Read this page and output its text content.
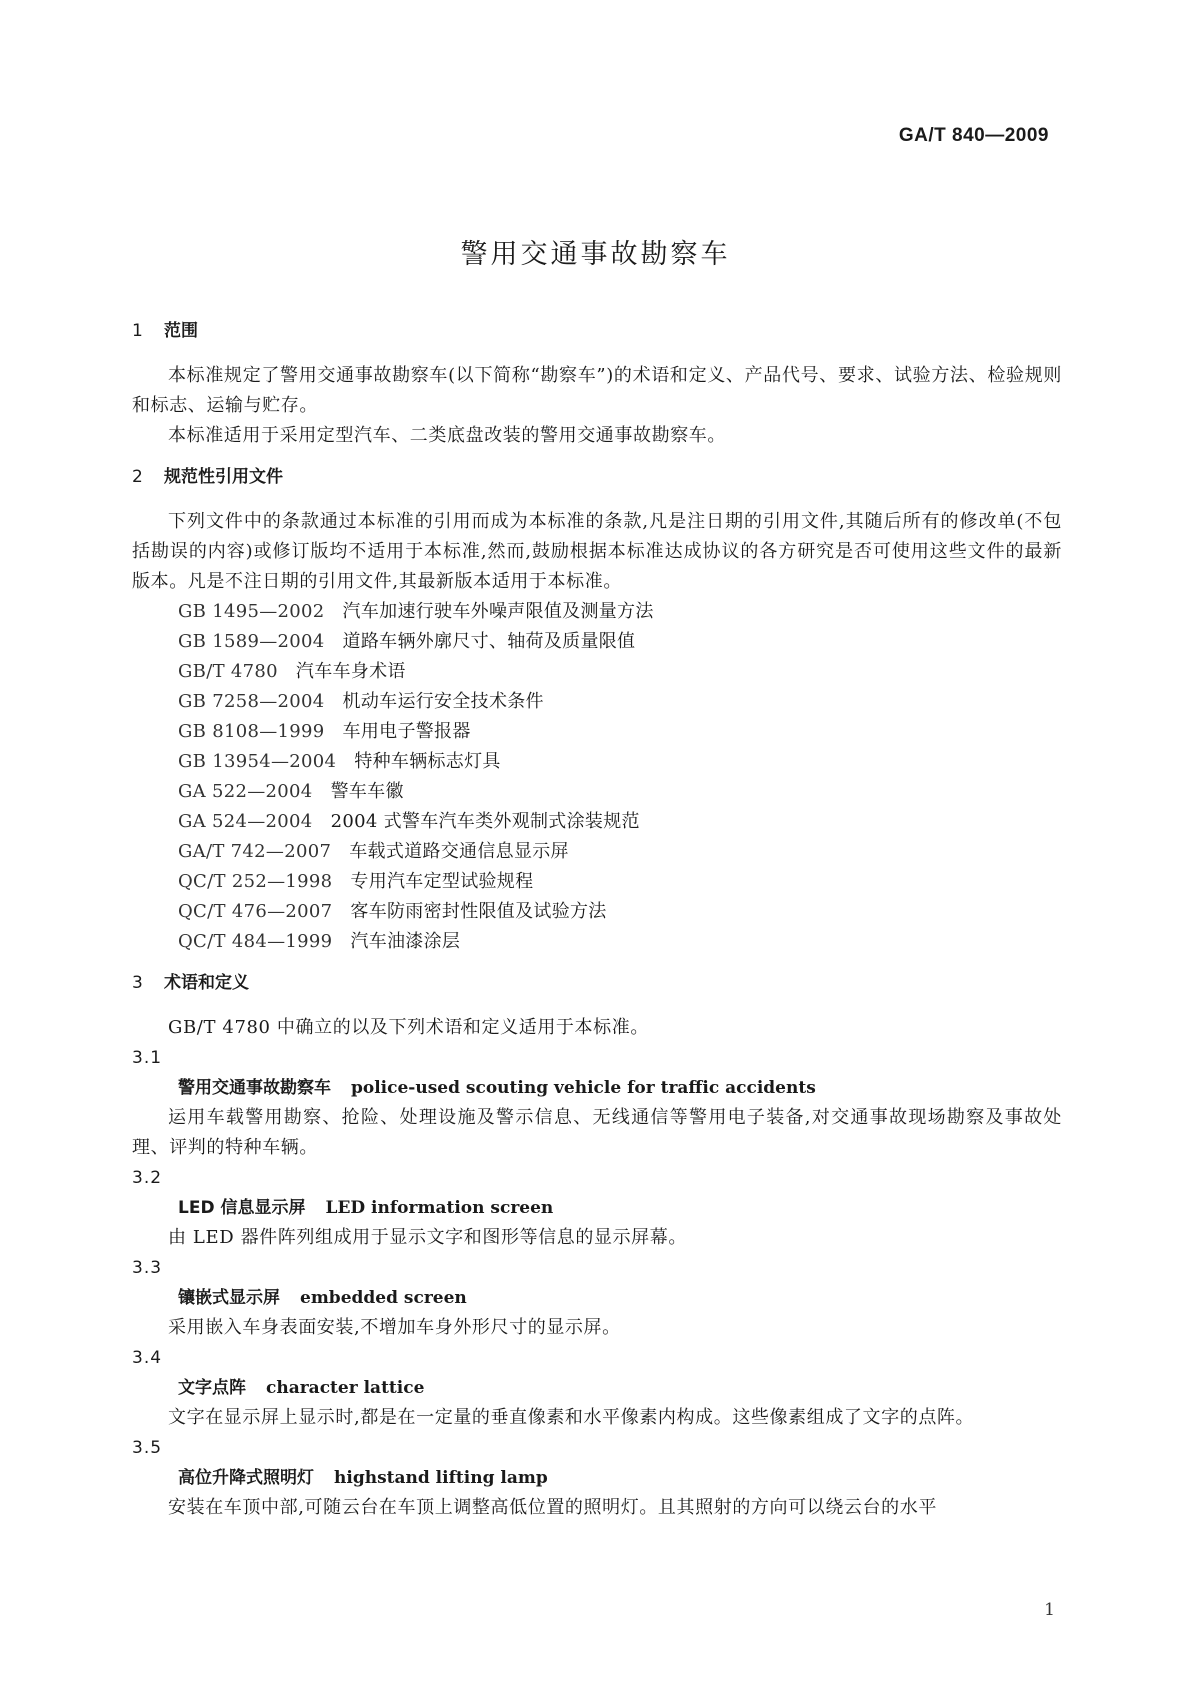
GA/T 840—2009
警用交通事故勘察车
1 范围

本标准规定了警用交通事故勘察车(以下简称“勘察车”)的术语和定义、产品代号、要求、试验方法、检验规则和标志、运输与贮存。

本标准适用于采用定型汽车、二类底盘改装的警用交通事故勘察车。

2 规范性引用文件

下列文件中的条款通过本标准的引用而成为本标准的条款,凡是注日期的引用文件,其随后所有的修改单(不包括勘误的内容)或修订版均不适用于本标准,然而,鼓励根据本标准达成协议的各方研究是否可使用这些文件的最新版本。凡是不注日期的引用文件,其最新版本适用于本标准。

GB 1495—2002 汽车加速行驶车外噪声限值及测量方法

GB 1589—2004 道路车辆外廓尺寸、轴荷及质量限值

GB/T 4780 汽车车身术语

GB 7258—2004 机动车运行安全技术条件

GB 8108—1999 车用电子警报器

GB 13954—2004 特种车辆标志灯具

GA 522—2004 警车车徽

GA 524—2004 2004 式警车汽车类外观制式涂装规范

GA/T 742—2007 车载式道路交通信息显示屏

QC/T 252—1998 专用汽车定型试验规程

QC/T 476—2007 客车防雨密封性限值及试验方法

QC/T 484—1999 汽车油漆涂层

3 术语和定义

GB/T 4780 中确立的以及下列术语和定义适用于本标准。

3.1

警用交通事故勘察车 police-used scouting vehicle for traffic accidents

运用车载警用勘察、抢险、处理设施及警示信息、无线通信等警用电子装备,对交通事故现场勘察及事故处理、评判的特种车辆。

3.2

LED 信息显示屏 LED information screen

由 LED 器件阵列组成用于显示文字和图形等信息的显示屏幕。

3.3

镶嵌式显示屏 embedded screen

采用嵌入车身表面安装,不增加车身外形尺寸的显示屏。

3.4

文字点阵 character lattice

文字在显示屏上显示时,都是在一定量的垂直像素和水平像素内构成。这些像素组成了文字的点阵。

3.5

高位升降式照明灯 highstand lifting lamp

安装在车顶中部,可随云台在车顶上调整高低位置的照明灯。且其照射的方向可以绕云台的水平

1
